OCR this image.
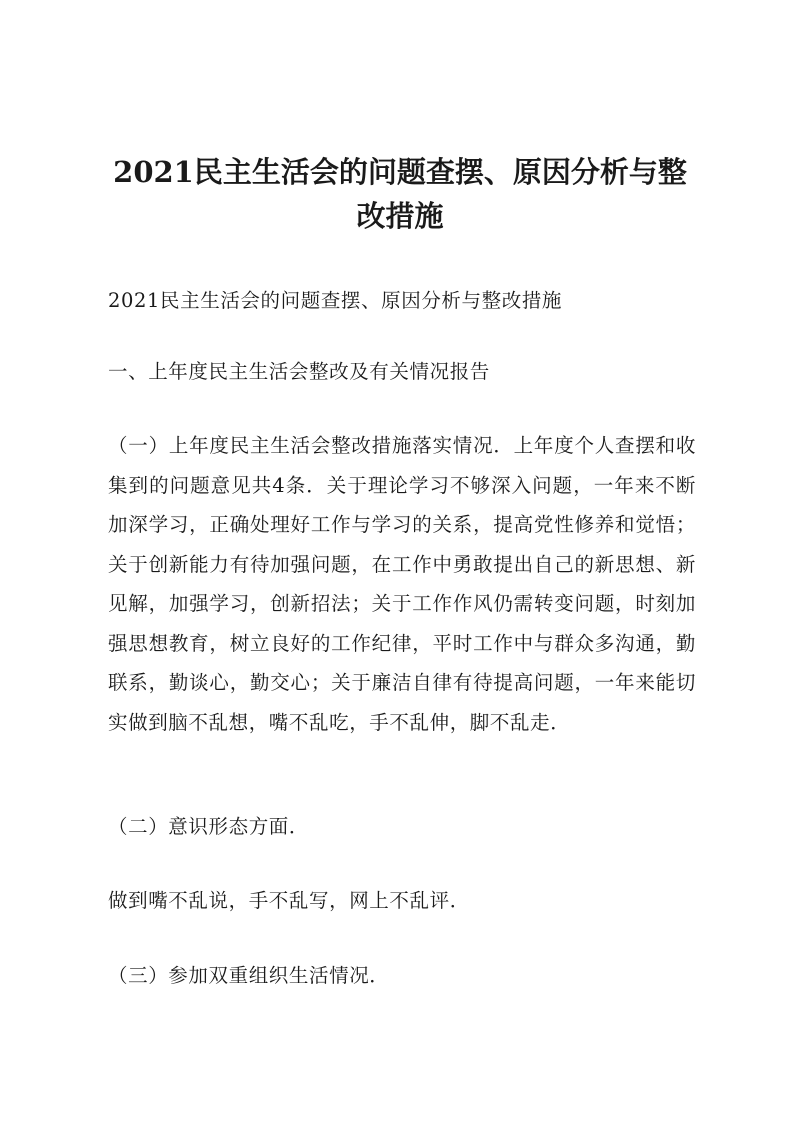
2021民主生活会的问题查摆、原因分析与整改措施

2021民主生活会的问题查摆、原因分析与整改措施

一、上年度民主生活会整改及有关情况报告

（一）上年度民主生活会整改措施落实情况．上年度个人查摆和收集到的问题意见共4条．关于理论学习不够深入问题，一年来不断加深学习，正确处理好工作与学习的关系，提高党性修养和觉悟；关于创新能力有待加强问题，在工作中勇敢提出自己的新思想、新见解，加强学习，创新招法；关于工作作风仍需转变问题，时刻加强思想教育，树立良好的工作纪律，平时工作中与群众多沟通，勤联系，勤谈心，勤交心；关于廉洁自律有待提高问题，一年来能切实做到脑不乱想，嘴不乱吃，手不乱伸，脚不乱走．

（二）意识形态方面．

做到嘴不乱说，手不乱写，网上不乱评．

（三）参加双重组织生活情况．
